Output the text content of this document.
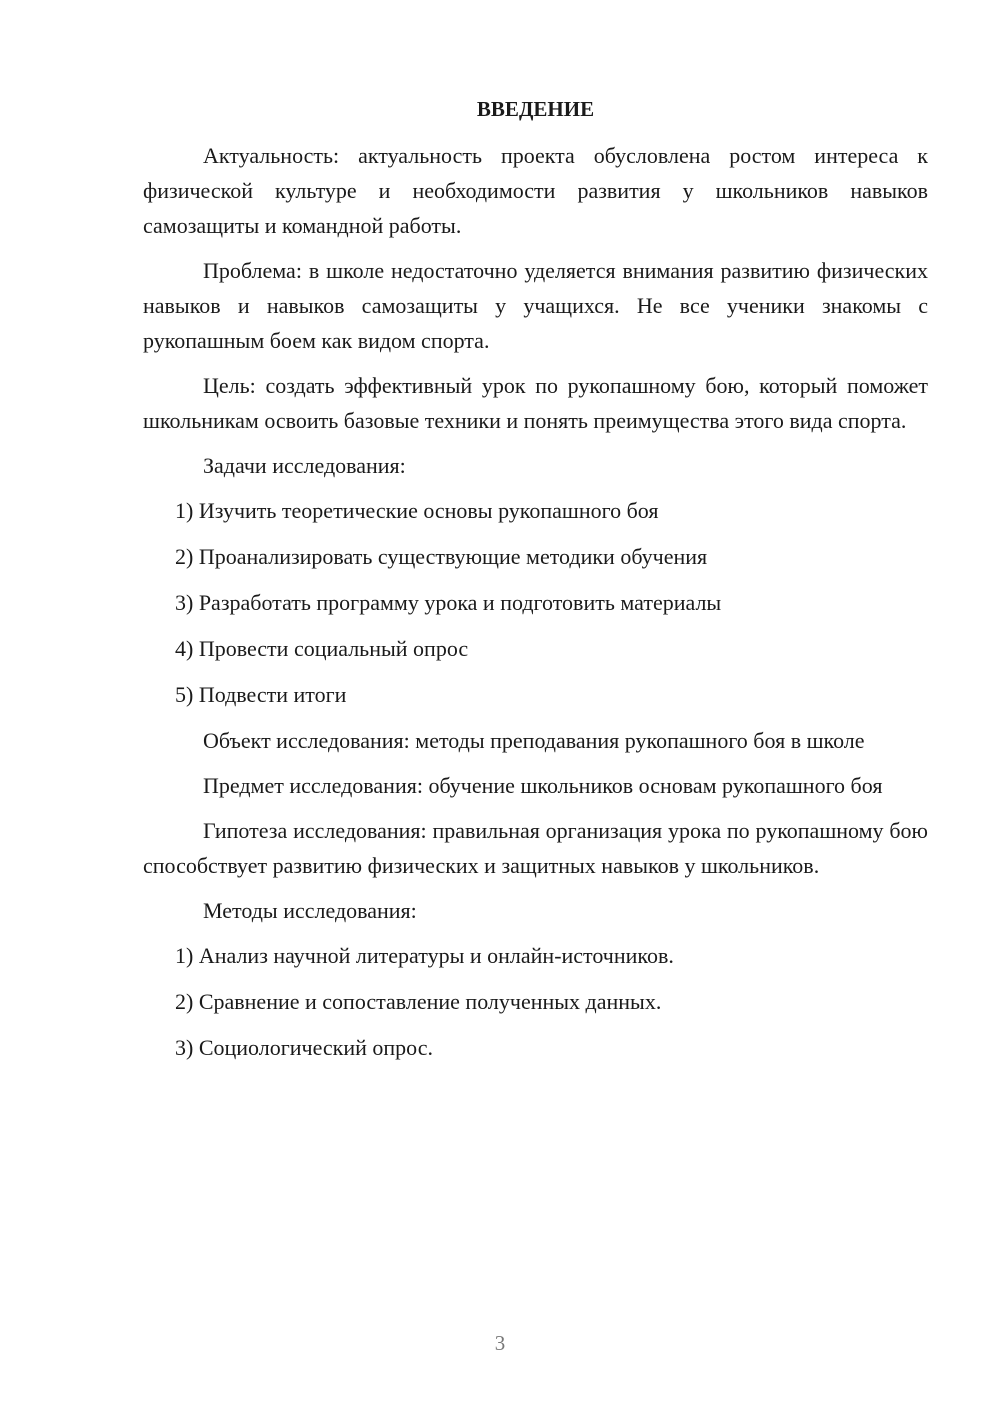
ВВЕДЕНИЕ

Актуальность: актуальность проекта обусловлена ростом интереса к физической культуре и необходимости развития у школьников навыков самозащиты и командной работы.

Проблема: в школе недостаточно уделяется внимания развитию физических навыков и навыков самозащиты у учащихся. Не все ученики знакомы с рукопашным боем как видом спорта.

Цель: создать эффективный урок по рукопашному бою, который поможет школьникам освоить базовые техники и понять преимущества этого вида спорта.

Задачи исследования:

1) Изучить теоретические основы рукопашного боя

2) Проанализировать существующие методики обучения

3) Разработать программу урока и подготовить материалы

4) Провести социальный опрос

5) Подвести итоги

Объект исследования: методы преподавания рукопашного боя в школе

Предмет исследования: обучение школьников основам рукопашного боя

Гипотеза исследования: правильная организация урока по рукопашному бою способствует развитию физических и защитных навыков у школьников.

Методы исследования:

1) Анализ научной литературы и онлайн-источников.

2) Сравнение и сопоставление полученных данных.

3) Социологический опрос.

3
